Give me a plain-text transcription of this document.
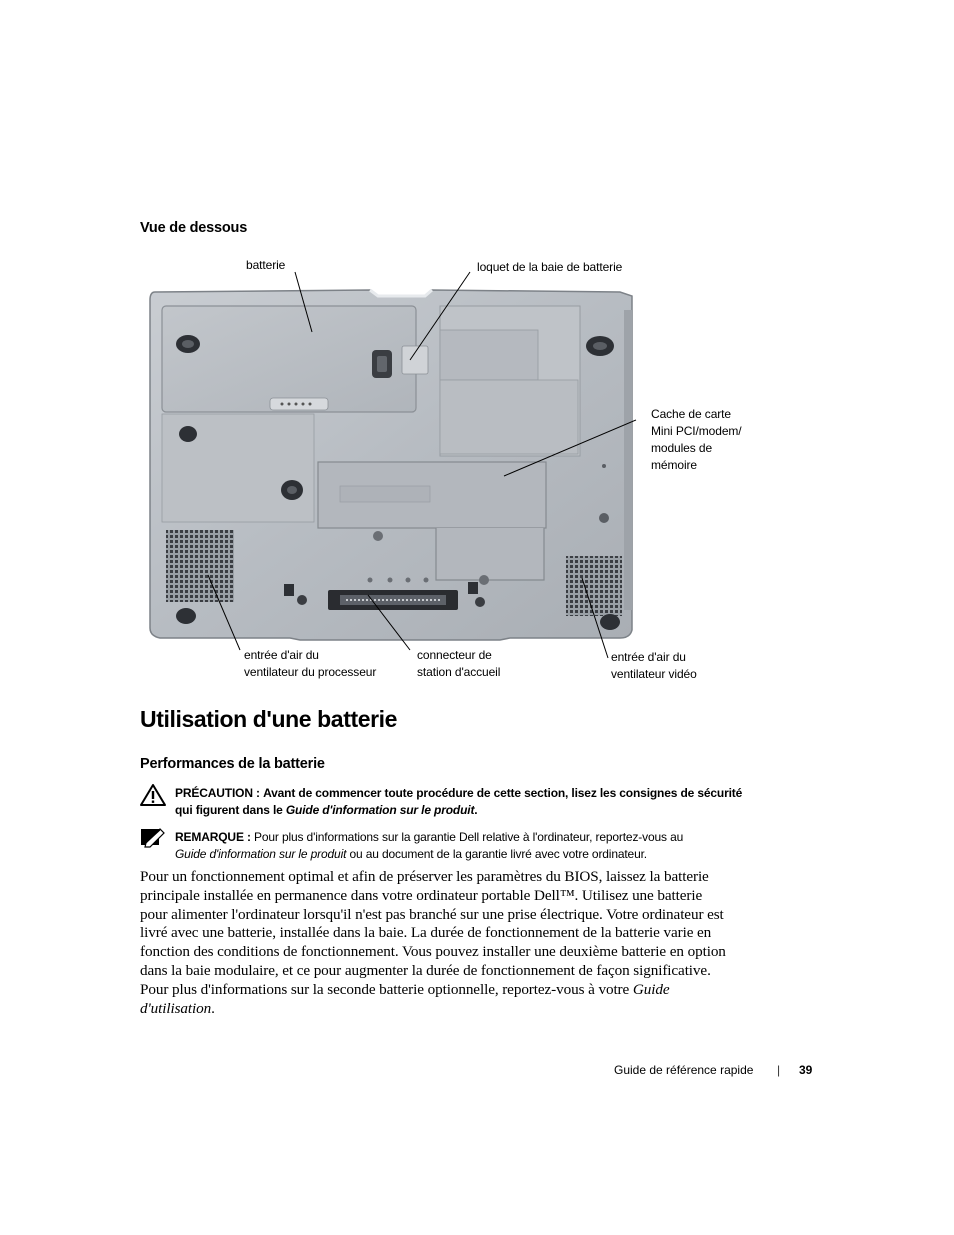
Vue de dessous
batterie	loquet de la baie de batterie
Cache de carte
Mini PCI/modem/
modules de
mémoire
entrée d'air du
ventilateur du processeur
connecteur de
station d'accueil
entrée d'air du
ventilateur vidéo
Utilisation d'une batterie
Performances de la batterie
PRÉCAUTION : Avant de commencer toute procédure de cette section, lisez les consignes de sécurité
qui figurent dans le Guide d'information sur le produit.
REMARQUE : Pour plus d'informations sur la garantie Dell relative à l'ordinateur, reportez-vous au
Guide d'information sur le produit ou au document de la garantie livré avec votre ordinateur.
Pour un fonctionnement optimal et afin de préserver les paramètres du BIOS, laissez la batterie
principale installée en permanence dans votre ordinateur portable Dell™. Utilisez une batterie
pour alimenter l'ordinateur lorsqu'il n'est pas branché sur une prise électrique. Votre ordinateur est
livré avec une batterie, installée dans la baie. La durée de fonctionnement de la batterie varie en
fonction des conditions de fonctionnement. Vous pouvez installer une deuxième batterie en option
dans la baie modulaire, et ce pour augmenter la durée de fonctionnement de façon significative.
Pour plus d'informations sur la seconde batterie optionnelle, reportez-vous à votre Guide
d'utilisation.
Guide de référence rapide | 39
